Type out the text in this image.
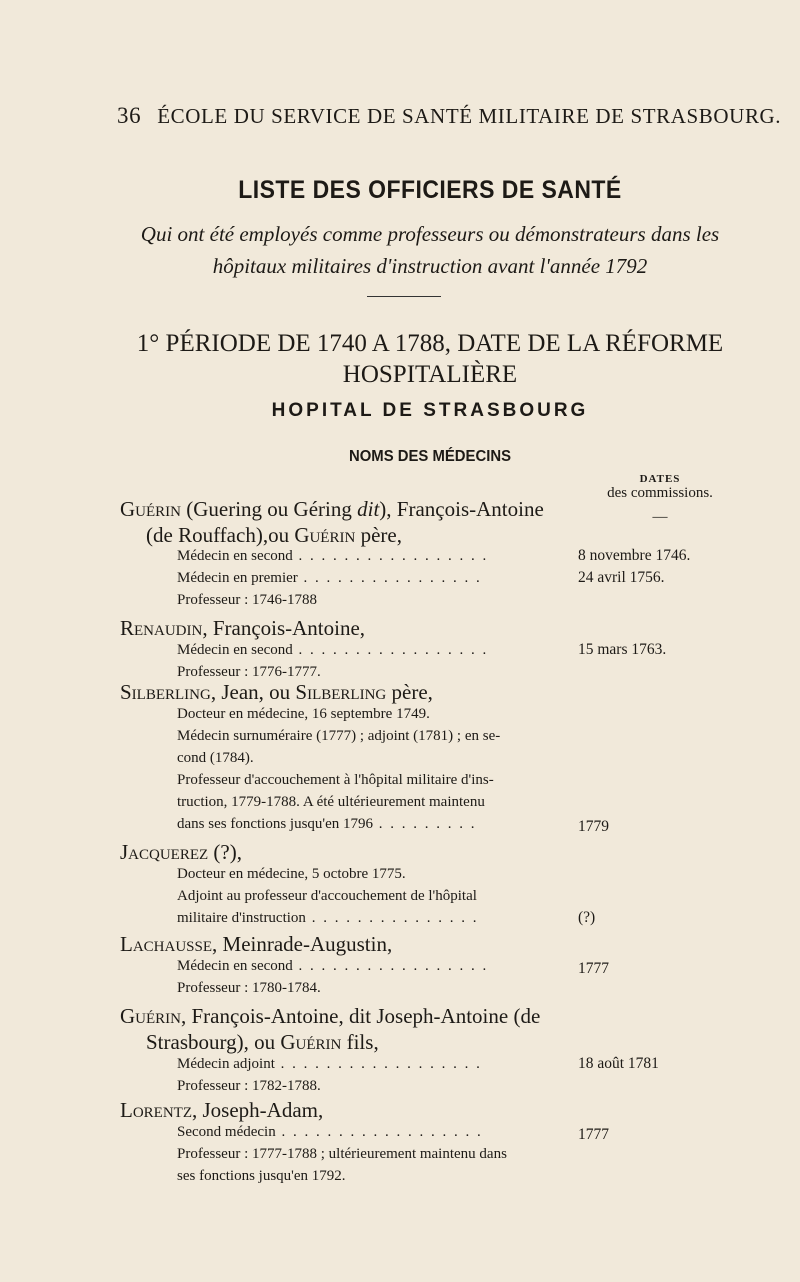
36 ÉCOLE DU SERVICE DE SANTÉ MILITAIRE DE STRASBOURG.
LISTE DES OFFICIERS DE SANTÉ
Qui ont été employés comme professeurs ou démonstrateurs dans les
hôpitaux militaires d'instruction avant l'année 1792
1° PÉRIODE DE 1740 A 1788, DATE DE LA RÉFORME
HOSPITALIÈRE
HOPITAL DE STRASBOURG
NOMS DES MÉDECINS
DATES
des commissions.
—
Guérin (Guering ou Géring dit), François-Antoine
(de Rouffach),ou Guérin père,
Médecin en second . . . . . . . . . . . . . . . . .	8 novembre 1746.
Médecin en premier . . . . . . . . . . . . . . . .	24 avril 1756.
Professeur : 1746-1788
Renaudin, François-Antoine,
Médecin en second . . . . . . . . . . . . . . . . .	15 mars 1763.
Professeur : 1776-1777.
Silberling, Jean, ou Silberling père,
Docteur en médecine, 16 septembre 1749.
Médecin surnuméraire (1777) ; adjoint (1781) ; en se-
cond (1784).
Professeur d'accouchement à l'hôpital militaire d'ins-
truction, 1779-1788. A été ultérieurement maintenu
dans ses fonctions jusqu'en 1796 . . . . . . . . .	1779
Jacquerez (?),
Docteur en médecine, 5 octobre 1775.
Adjoint au professeur d'accouchement de l'hôpital
militaire d'instruction . . . . . . . . . . . . . . .	(?)
Lachausse, Meinrade-Augustin,
Médecin en second . . . . . . . . . . . . . . . . .	1777
Professeur : 1780-1784.
Guérin, François-Antoine, dit Joseph-Antoine (de
Strasbourg), ou Guérin fils,
Médecin adjoint . . . . . . . . . . . . . . . . . .	18 août 1781
Professeur : 1782-1788.
Lorentz, Joseph-Adam,
Second médecin . . . . . . . . . . . . . . . . . .	1777
Professeur : 1777-1788 ; ultérieurement maintenu dans
ses fonctions jusqu'en 1792.
